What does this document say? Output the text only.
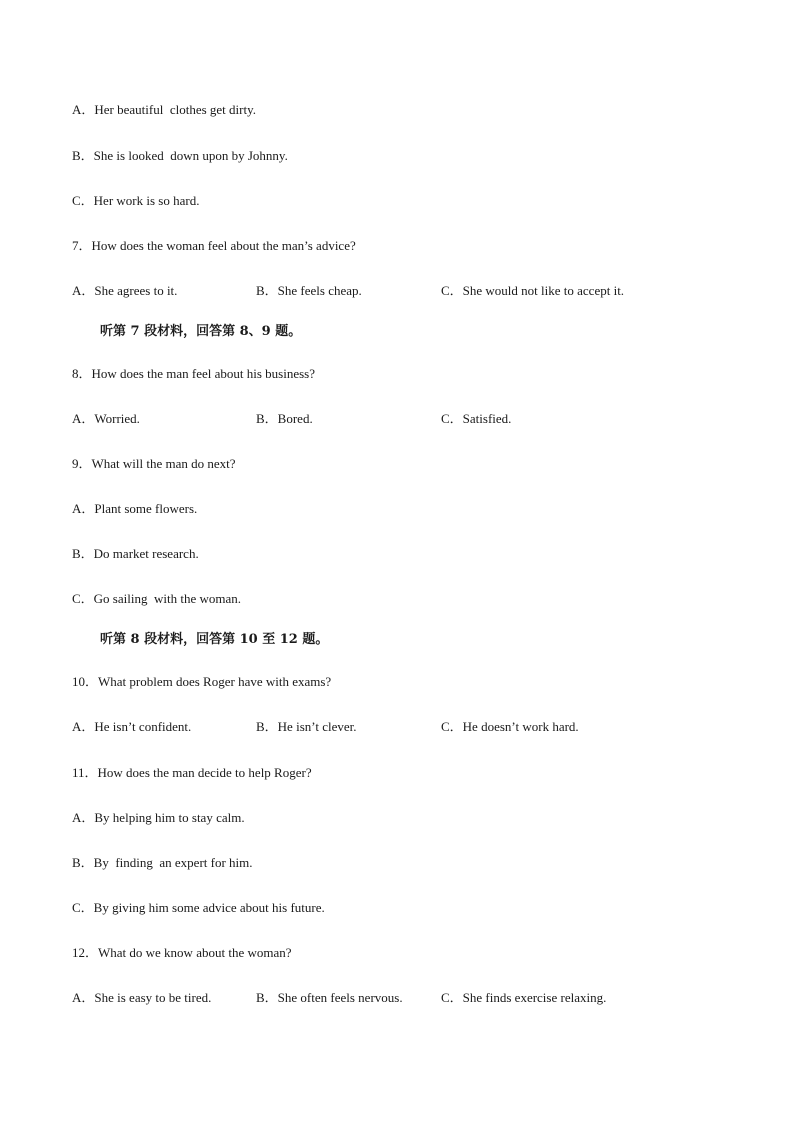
A．Her beautiful  clothes get dirty.
B．She is looked  down upon by Johnny.
C．Her work is so hard.
7．How does the woman feel about the man’s advice?
A．She agrees to it.	B．She feels cheap.	C．She would not like to accept it.
听第 7 段材料，回答第 8、9 题。
8．How does the man feel about his business?
A．Worried.	B．Bored.	C．Satisfied.
9．What will the man do next?
A．Plant some flowers.
B．Do market research.
C．Go sailing  with the woman.
听第 8 段材料，回答第 10 至 12 题。
10．What problem does Roger have with exams?
A．He isn’t confident.	B．He isn’t clever.	C．He doesn’t work hard.
11．How does the man decide to help Roger?
A．By helping him to stay calm.
B．By  finding  an expert for him.
C．By giving him some advice about his future.
12．What do we know about the woman?
A．She is easy to be tired.	B．She often feels nervous.	C．She finds exercise relaxing.
